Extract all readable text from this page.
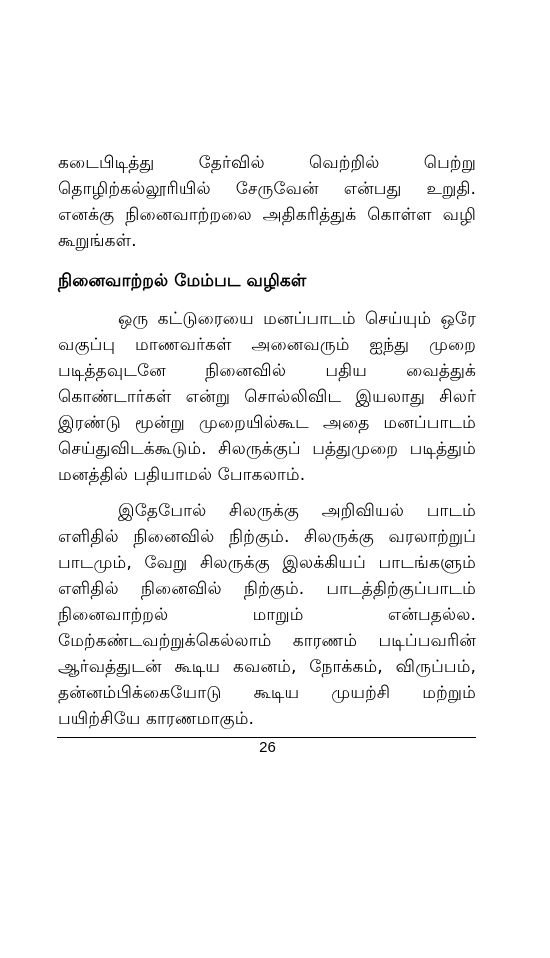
கடைபிடித்து தேர்வில் வெற்றில் பெற்று
தொழிற்கல்லூரியில் சேருவேன் என்பது உறுதி.
எனக்கு நினைவாற்றலை அதிகரித்துக் கொள்ள வழி
கூறுங்கள்.

நினைவாற்றல் மேம்பட வழிகள்

ஒரு கட்டுரையை மனப்பாடம் செய்யும் ஒரே
வகுப்பு மாணவர்கள் அனைவரும் ஐந்து முறை
படித்தவுடனே நினைவில் பதிய வைத்துக்
கொண்டார்கள் என்று சொல்லிவிட இயலாது சிலர்
இரண்டு மூன்று முறையில்கூட அதை மனப்பாடம்
செய்துவிடக்கூடும். சிலருக்குப் பத்துமுறை படித்தும்
மனத்தில் பதியாமல் போகலாம்.

இதேபோல் சிலருக்கு அறிவியல் பாடம்
எளிதில் நினைவில் நிற்கும். சிலருக்கு வரலாற்றுப்
பாடமும், வேறு சிலருக்கு இலக்கியப் பாடங்களும்
எளிதில் நினைவில் நிற்கும். பாடத்திற்குப்பாடம்
நினைவாற்றல் மாறும் என்பதல்ல.
மேற்கண்டவற்றுக்கெல்லாம் காரணம் படிப்பவரின்
ஆர்வத்துடன் கூடிய கவனம், நோக்கம், விருப்பம்,
தன்னம்பிக்கையோடு கூடிய முயற்சி மற்றும்
பயிற்சியே காரணமாகும்.

26
